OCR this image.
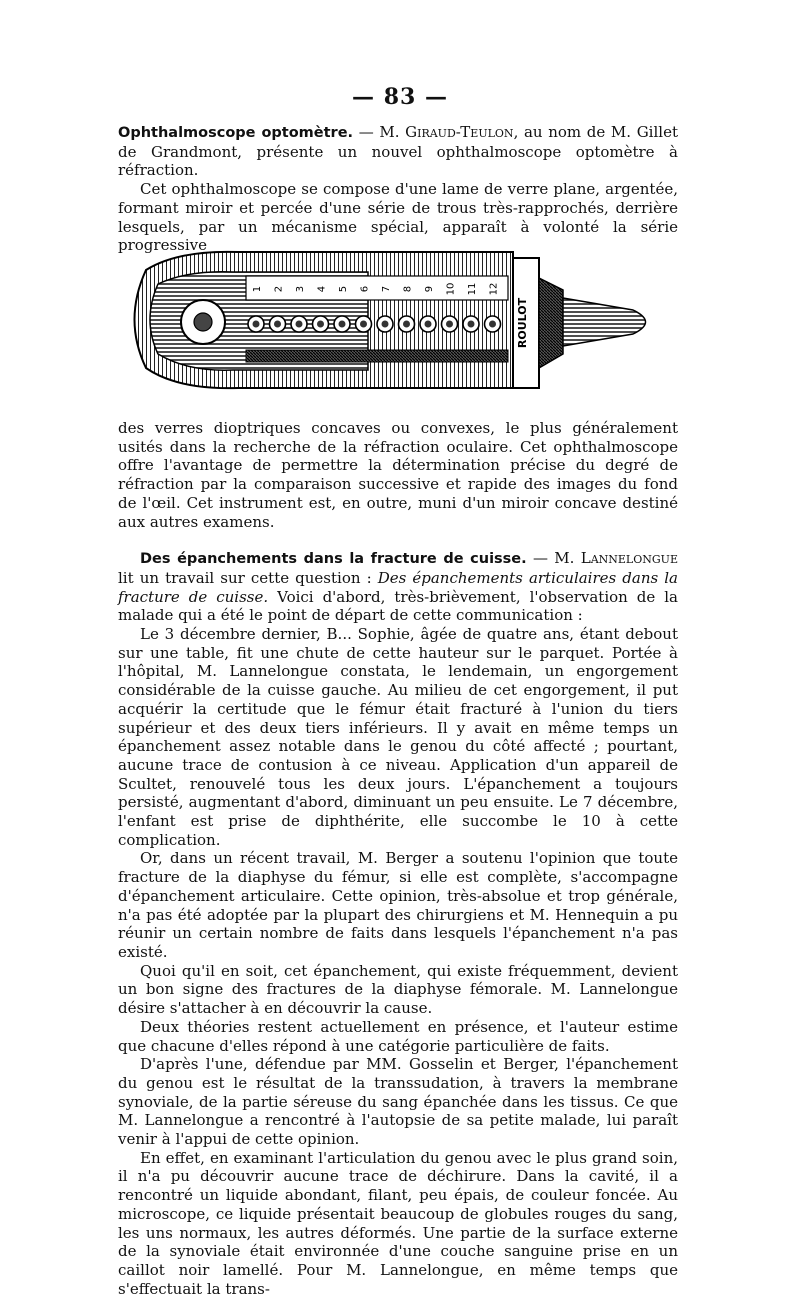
— 83 —

Ophthalmoscope optomètre. — M. Giraud-Teulon, au nom de M. Gillet de Grandmont, présente un nouvel ophthalmoscope optomètre à réfraction.

Cet ophthalmoscope se compose d'une lame de verre plane, argentée, formant miroir et percée d'une série de trous très-rapprochés, derrière lesquels, par un mécanisme spécial, apparaît à volonté la série progressive

1 2 3 4 5 6 7 8 9 10 11 12
ROULOT

des verres dioptriques concaves ou convexes, le plus généralement usités dans la recherche de la réfraction oculaire. Cet ophthalmoscope offre l'avantage de permettre la détermination précise du degré de réfraction par la comparaison successive et rapide des images du fond de l'œil. Cet instrument est, en outre, muni d'un miroir concave destiné aux autres examens.

Des épanchements dans la fracture de cuisse. — M. Lannelongue lit un travail sur cette question : Des épanchements articulaires dans la fracture de cuisse. Voici d'abord, très-brièvement, l'observation de la malade qui a été le point de départ de cette communication :

Le 3 décembre dernier, B... Sophie, âgée de quatre ans, étant debout sur une table, fit une chute de cette hauteur sur le parquet. Portée à l'hôpital, M. Lannelongue constata, le lendemain, un engorgement considérable de la cuisse gauche. Au milieu de cet engorgement, il put acquérir la certitude que le fémur était fracturé à l'union du tiers supérieur et des deux tiers inférieurs. Il y avait en même temps un épanchement assez notable dans le genou du côté affecté ; pourtant, aucune trace de contusion à ce niveau. Application d'un appareil de Scultet, renouvelé tous les deux jours. L'épanchement a toujours persisté, augmentant d'abord, diminuant un peu ensuite. Le 7 décembre, l'enfant est prise de diphthérite, elle succombe le 10 à cette complication.

Or, dans un récent travail, M. Berger a soutenu l'opinion que toute fracture de la diaphyse du fémur, si elle est complète, s'accompagne d'épanchement articulaire. Cette opinion, très-absolue et trop générale, n'a pas été adoptée par la plupart des chirurgiens et M. Hennequin a pu réunir un certain nombre de faits dans lesquels l'épanchement n'a pas existé.

Quoi qu'il en soit, cet épanchement, qui existe fréquemment, devient un bon signe des fractures de la diaphyse fémorale. M. Lannelongue désire s'attacher à en découvrir la cause.

Deux théories restent actuellement en présence, et l'auteur estime que chacune d'elles répond à une catégorie particulière de faits.

D'après l'une, défendue par MM. Gosselin et Berger, l'épanchement du genou est le résultat de la transsudation, à travers la membrane synoviale, de la partie séreuse du sang épanchée dans les tissus. Ce que M. Lannelongue a rencontré à l'autopsie de sa petite malade, lui paraît venir à l'appui de cette opinion.

En effet, en examinant l'articulation du genou avec le plus grand soin, il n'a pu découvrir aucune trace de déchirure. Dans la cavité, il a rencontré un liquide abondant, filant, peu épais, de couleur foncée. Au microscope, ce liquide présentait beaucoup de globules rouges du sang, les uns normaux, les autres déformés. Une partie de la surface externe de la synoviale était environnée d'une couche sanguine prise en un caillot noir lamellé. Pour M. Lannelongue, en même temps que s'effectuait la trans-
